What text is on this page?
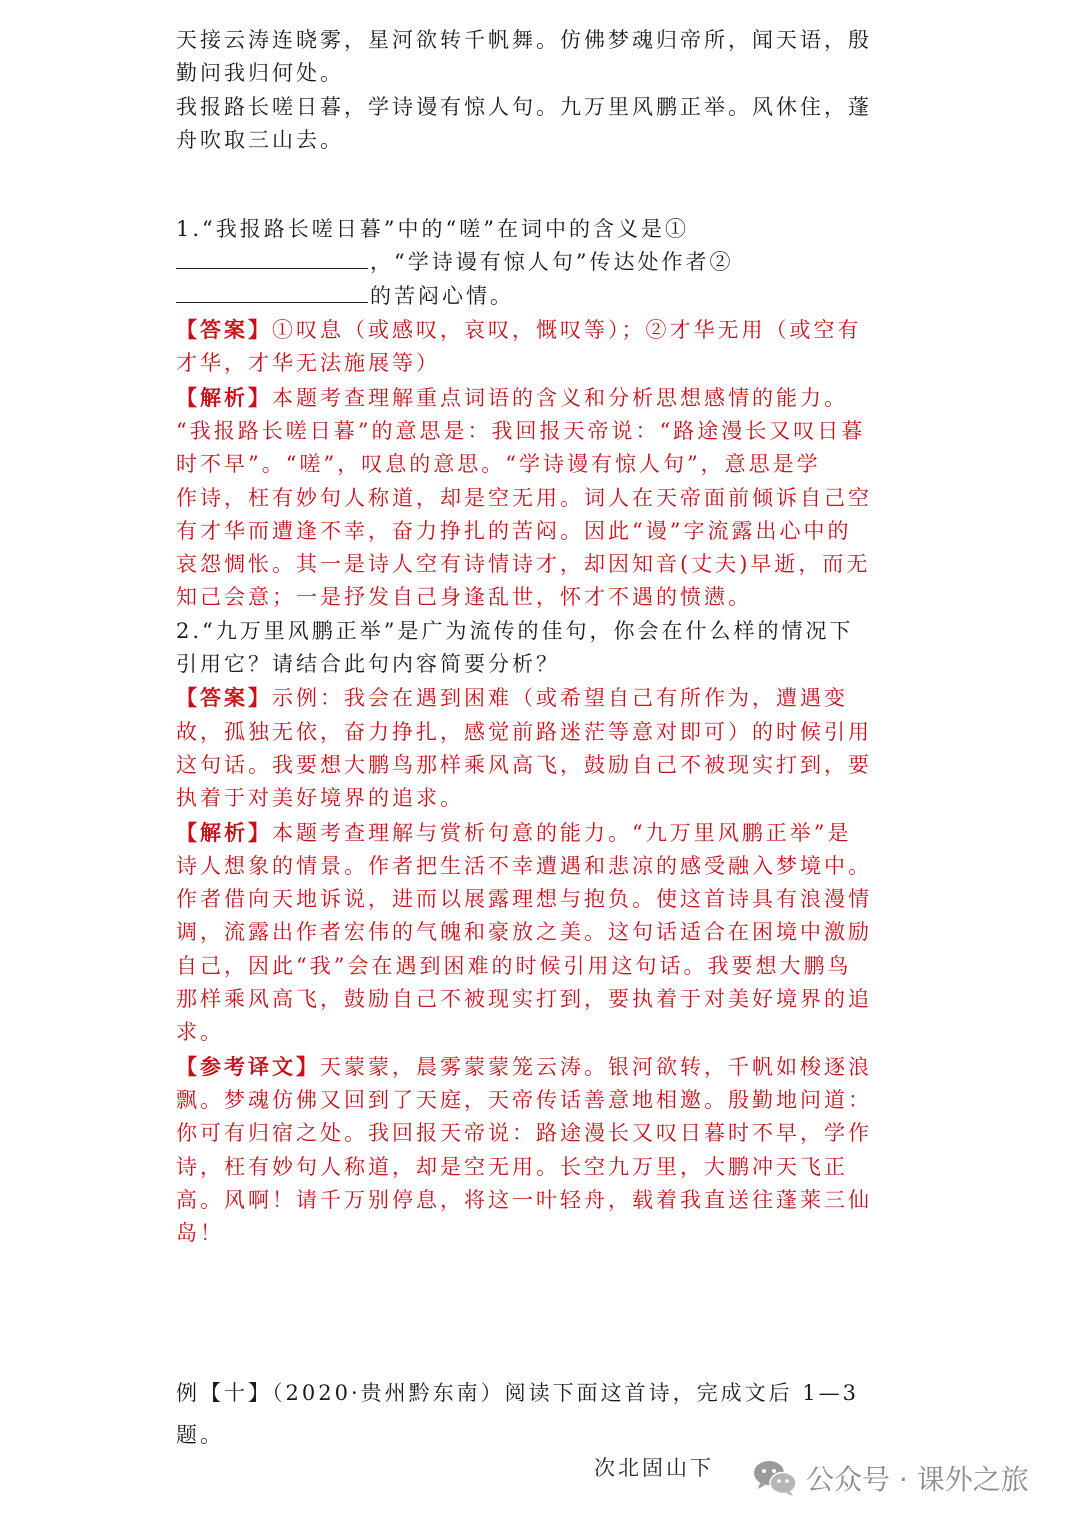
天接云涛连晓雾，星河欲转千帆舞。仿佛梦魂归帝所，闻天语，殷
勤问我归何处。
我报路长嗟日暮，学诗谩有惊人句。九万里风鹏正举。风休住，蓬
舟吹取三山去。
1.“我报路长嗟日暮”中的“嗟”在词中的含义是①
，“学诗谩有惊人句”传达处作者②
的苦闷心情。
【答案】①叹息（或感叹，哀叹，慨叹等）；②才华无用（或空有
才华，才华无法施展等）
【解析】本题考查理解重点词语的含义和分析思想感情的能力。
“我报路长嗟日暮”的意思是：我回报天帝说：“路途漫长又叹日暮
时不早”。“嗟”，叹息的意思。“学诗谩有惊人句”，意思是学
作诗，枉有妙句人称道，却是空无用。词人在天帝面前倾诉自己空
有才华而遭逢不幸，奋力挣扎的苦闷。因此“谩”字流露出心中的
哀怨惆怅。其一是诗人空有诗情诗才，却因知音(丈夫)早逝，而无
知己会意；一是抒发自己身逢乱世，怀才不遇的愤懑。
2.“九万里风鹏正举”是广为流传的佳句，你会在什么样的情况下
引用它？请结合此句内容简要分析？
【答案】示例：我会在遇到困难（或希望自己有所作为，遭遇变
故，孤独无依，奋力挣扎，感觉前路迷茫等意对即可）的时候引用
这句话。我要想大鹏鸟那样乘风高飞，鼓励自己不被现实打到，要
执着于对美好境界的追求。
【解析】本题考查理解与赏析句意的能力。“九万里风鹏正举”是
诗人想象的情景。作者把生活不幸遭遇和悲凉的感受融入梦境中。
作者借向天地诉说，进而以展露理想与抱负。使这首诗具有浪漫情
调，流露出作者宏伟的气魄和豪放之美。这句话适合在困境中激励
自己，因此“我”会在遇到困难的时候引用这句话。我要想大鹏鸟
那样乘风高飞，鼓励自己不被现实打到，要执着于对美好境界的追
求。
【参考译文】天蒙蒙，晨雾蒙蒙笼云涛。银河欲转，千帆如梭逐浪
飘。梦魂仿佛又回到了天庭，天帝传话善意地相邀。殷勤地问道：
你可有归宿之处。我回报天帝说：路途漫长又叹日暮时不早，学作
诗，枉有妙句人称道，却是空无用。长空九万里，大鹏冲天飞正
高。风啊！请千万别停息，将这一叶轻舟，载着我直送往蓬莱三仙
岛！
例【十】（2020·贵州黔东南）阅读下面这首诗，完成文后 1—3
题。
次北固山下	公众号 · 课外之旅
